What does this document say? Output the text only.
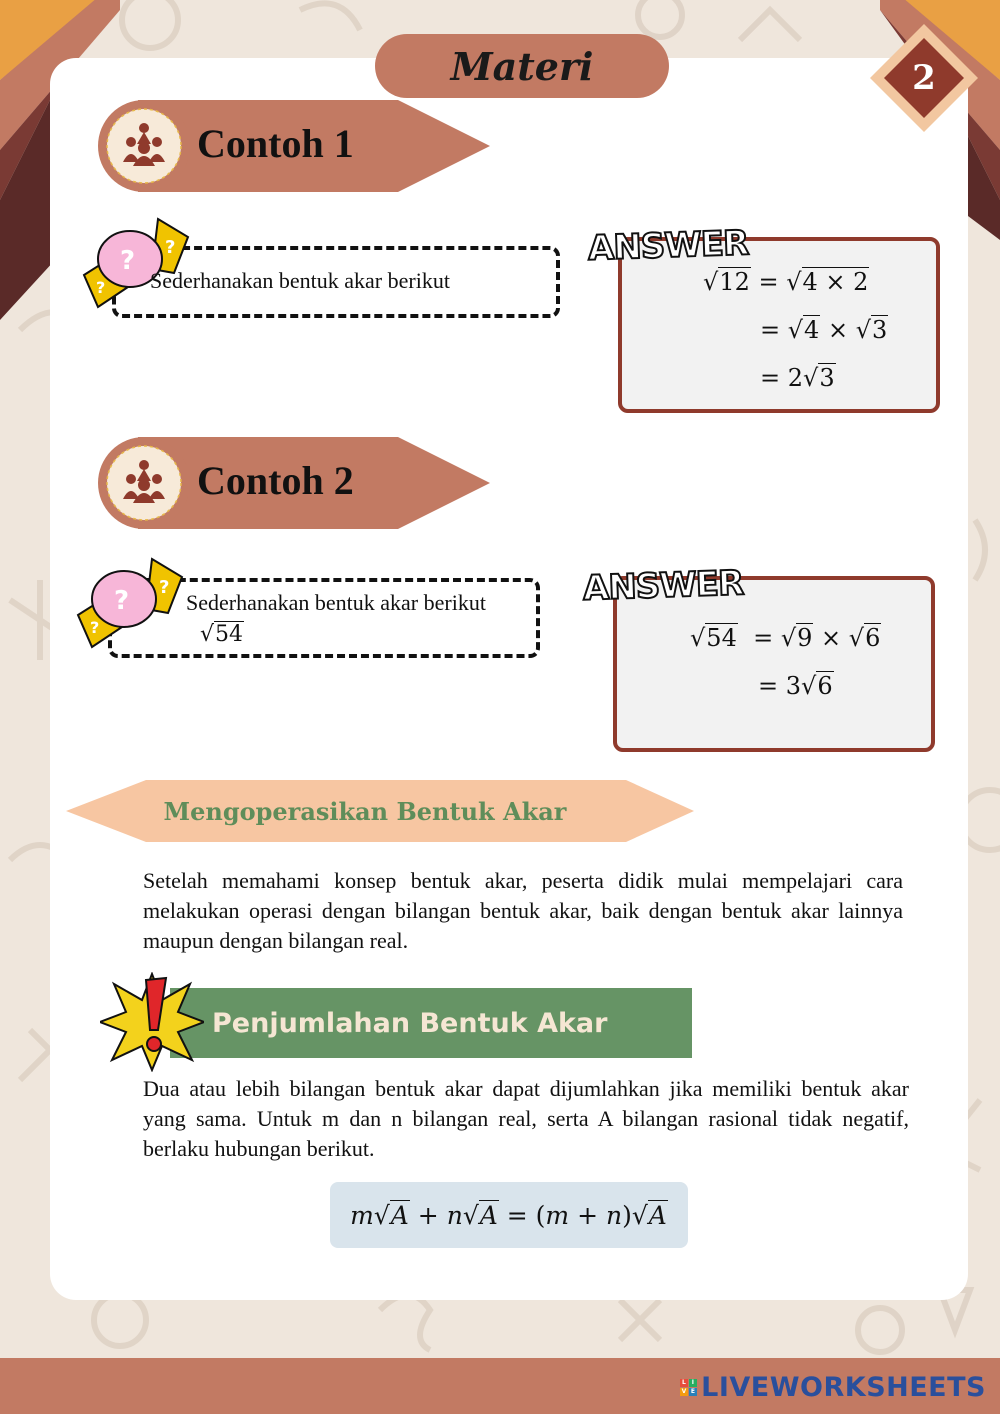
Materi	2
Contoh 1
?
?
?
Sederhanakan bentuk akar berikut
ANSWER
√12 = √4 × 2
= √4 × √3
= 2√3
Contoh 2
?
?
?	Sederhanakan bentuk akar berikut
√54
ANSWER
√54  = √9 × √6
= 3√6
Mengoperasikan Bentuk Akar
Setelah memahami konsep bentuk akar, peserta didik mulai mempelajari cara melakukan operasi dengan bilangan bentuk akar, baik dengan bentuk akar lainnya maupun dengan bilangan real.
Penjumlahan Bentuk Akar
Dua atau lebih bilangan bentuk akar dapat dijumlahkan jika memiliki bentuk akar yang sama. Untuk m dan n bilangan real, serta A bilangan rasional tidak negatif, berlaku hubungan berikut.
m √A + n √A = ( m + n ) √A
L I
V E LIVEWORKSHEETS
